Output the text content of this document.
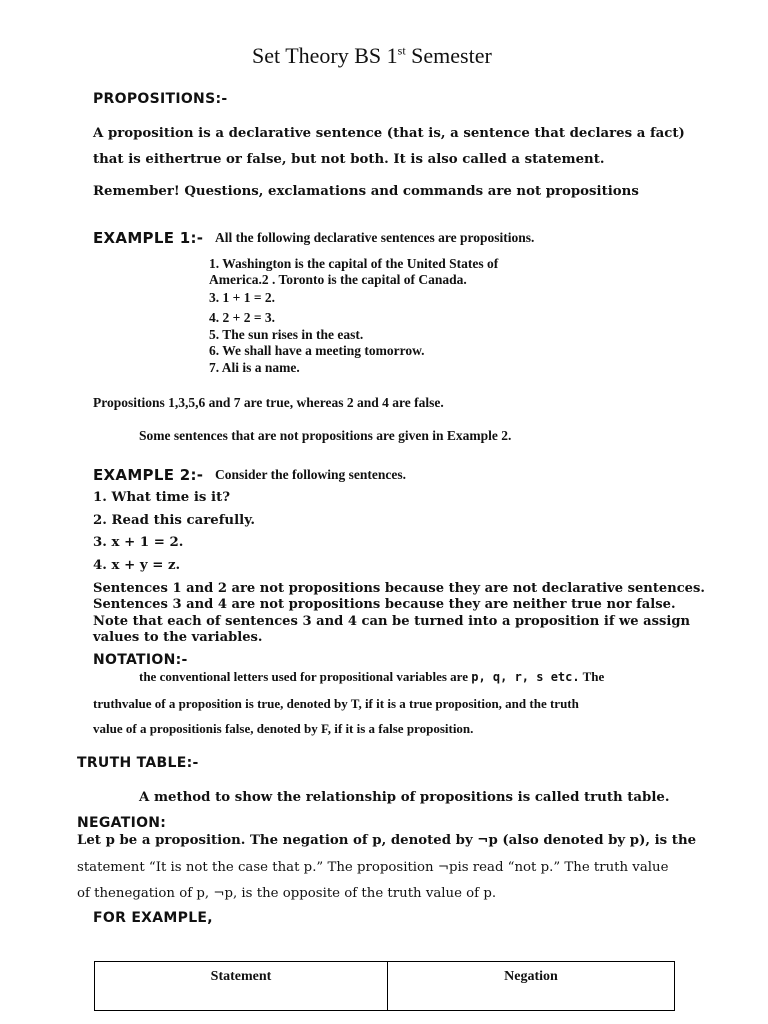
Set Theory BS 1st Semester
PROPOSITIONS:-
A proposition is a declarative sentence (that is, a sentence that declares a fact)
that is eithertrue or false, but not both. It is also called a statement.
Remember! Questions, exclamations and commands are not propositions
EXAMPLE 1:- All the following declarative sentences are propositions.
1. Washington is the capital of the United States of
America.2 . Toronto is the capital of Canada.
3. 1 + 1 = 2.
4. 2 + 2 = 3.
5. The sun rises in the east.
6. We shall have a meeting tomorrow.
7. Ali is a name.
Propositions 1,3,5,6 and 7 are true, whereas 2 and 4 are false.
Some sentences that are not propositions are given in Example 2.
EXAMPLE 2:- Consider the following sentences.
1. What time is it?
2. Read this carefully.
3. x + 1 = 2.
4. x + y = z.
Sentences 1 and 2 are not propositions because they are not declarative sentences.
Sentences 3 and 4 are not propositions because they are neither true nor false.
Note that each of sentences 3 and 4 can be turned into a proposition if we assign
values to the variables.
NOTATION:-
the conventional letters used for propositional variables are p, q, r, s etc. The
truthvalue of a proposition is true, denoted by T, if it is a true proposition, and the truth
value of a propositionis false, denoted by F, if it is a false proposition.
TRUTH TABLE:-
A method to show the relationship of propositions is called truth table.
NEGATION:
Let p be a proposition. The negation of p, denoted by ¬p (also denoted by p), is the
statement “It is not the case that p.” The proposition ¬pis read “not p.” The truth value
of thenegation of p, ¬p, is the opposite of the truth value of p.
FOR EXAMPLE,
Statement	Negation
